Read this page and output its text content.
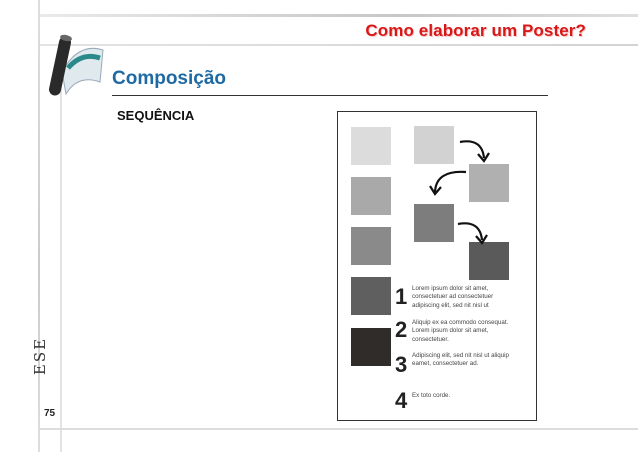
Como elaborar um Poster?
Composição
SEQUÊNCIA
ESE
75
1 Lorem ipsum dolor sit amet, consectetuer ad consectetuer adipiscing elit, sed nit nisl ut
2 Aliquip ex ea commodo consequat. Lorem ipsum dolor sit amet, consectetuer.
3 Adipiscing elit, sed nit nisl ut aliquip eamet, consectetuer ad.
4 Ex toto corde.
